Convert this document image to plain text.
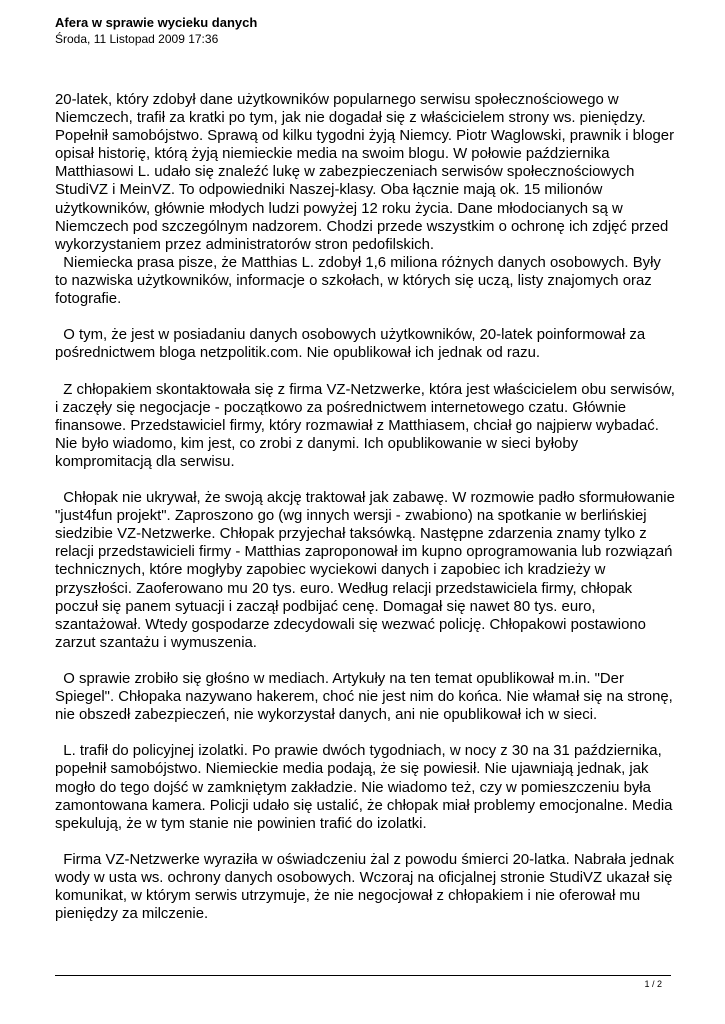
Afera w sprawie wycieku danych
Środa, 11 Listopad 2009 17:36

20-latek, który zdobył dane użytkowników popularnego serwisu społecznościowego w Niemczech, trafił za kratki po tym, jak nie dogadał się z właścicielem strony ws. pieniędzy. Popełnił samobójstwo. Sprawą od kilku tygodni żyją Niemcy. Piotr Waglowski, prawnik i bloger opisał historię, którą żyją niemieckie media na swoim blogu. W połowie października Matthiasowi L. udało się znaleźć lukę w zabezpieczeniach serwisów społecznościowych StudiVZ i MeinVZ. To odpowiedniki Naszej-klasy. Oba łącznie mają ok. 15 milionów użytkowników, głównie młodych ludzi powyżej 12 roku życia. Dane młodocianych są w Niemczech pod szczególnym nadzorem. Chodzi przede wszystkim o ochronę ich zdjęć przed wykorzystaniem przez administratorów stron pedofilskich.

Niemiecka prasa pisze, że Matthias L. zdobył 1,6 miliona różnych danych osobowych. Były to nazwiska użytkowników, informacje o szkołach, w których się uczą, listy znajomych oraz fotografie.

O tym, że jest w posiadaniu danych osobowych użytkowników, 20-latek poinformował za pośrednictwem bloga netzpolitik.com. Nie opublikował ich jednak od razu.

Z chłopakiem skontaktowała się z firma VZ-Netzwerke, która jest właścicielem obu serwisów, i zaczęły się negocjacje - początkowo za pośrednictwem internetowego czatu. Głównie finansowe. Przedstawiciel firmy, który rozmawiał z Matthiasem, chciał go najpierw wybadać. Nie było wiadomo, kim jest, co zrobi z danymi. Ich opublikowanie w sieci byłoby kompromitacją dla serwisu.

Chłopak nie ukrywał, że swoją akcję traktował jak zabawę. W rozmowie padło sformułowanie "just4fun projekt". Zaproszono go (wg innych wersji - zwabiono) na spotkanie w berlińskiej siedzibie VZ-Netzwerke. Chłopak przyjechał taksówką. Następne zdarzenia znamy tylko z relacji przedstawicieli firmy - Matthias zaproponował im kupno oprogramowania lub rozwiązań technicznych, które mogłyby zapobiec wyciekowi danych i zapobiec ich kradzieży w przyszłości. Zaoferowano mu 20 tys. euro. Według relacji przedstawiciela firmy, chłopak poczuł się panem sytuacji i zaczął podbijać cenę. Domagał się nawet 80 tys. euro, szantażował. Wtedy gospodarze zdecydowali się wezwać policję. Chłopakowi postawiono zarzut szantażu i wymuszenia.

O sprawie zrobiło się głośno w mediach. Artykuły na ten temat opublikował m.in. "Der Spiegel". Chłopaka nazywano hakerem, choć nie jest nim do końca. Nie włamał się na stronę, nie obszedł zabezpieczeń, nie wykorzystał danych, ani nie opublikował ich w sieci.

L. trafił do policyjnej izolatki. Po prawie dwóch tygodniach, w nocy z 30 na 31 października, popełnił samobójstwo. Niemieckie media podają, że się powiesił. Nie ujawniają jednak, jak mogło do tego dojść w zamkniętym zakładzie. Nie wiadomo też, czy w pomieszczeniu była zamontowana kamera. Policji udało się ustalić, że chłopak miał problemy emocjonalne. Media spekulują, że w tym stanie nie powinien trafić do izolatki.

Firma VZ-Netzwerke wyraziła w oświadczeniu żal z powodu śmierci 20-latka. Nabrała jednak wody w usta ws. ochrony danych osobowych. Wczoraj na oficjalnej stronie StudiVZ ukazał się komunikat, w którym serwis utrzymuje, że nie negocjował z chłopakiem i nie oferował mu pieniędzy za milczenie.

1 / 2
